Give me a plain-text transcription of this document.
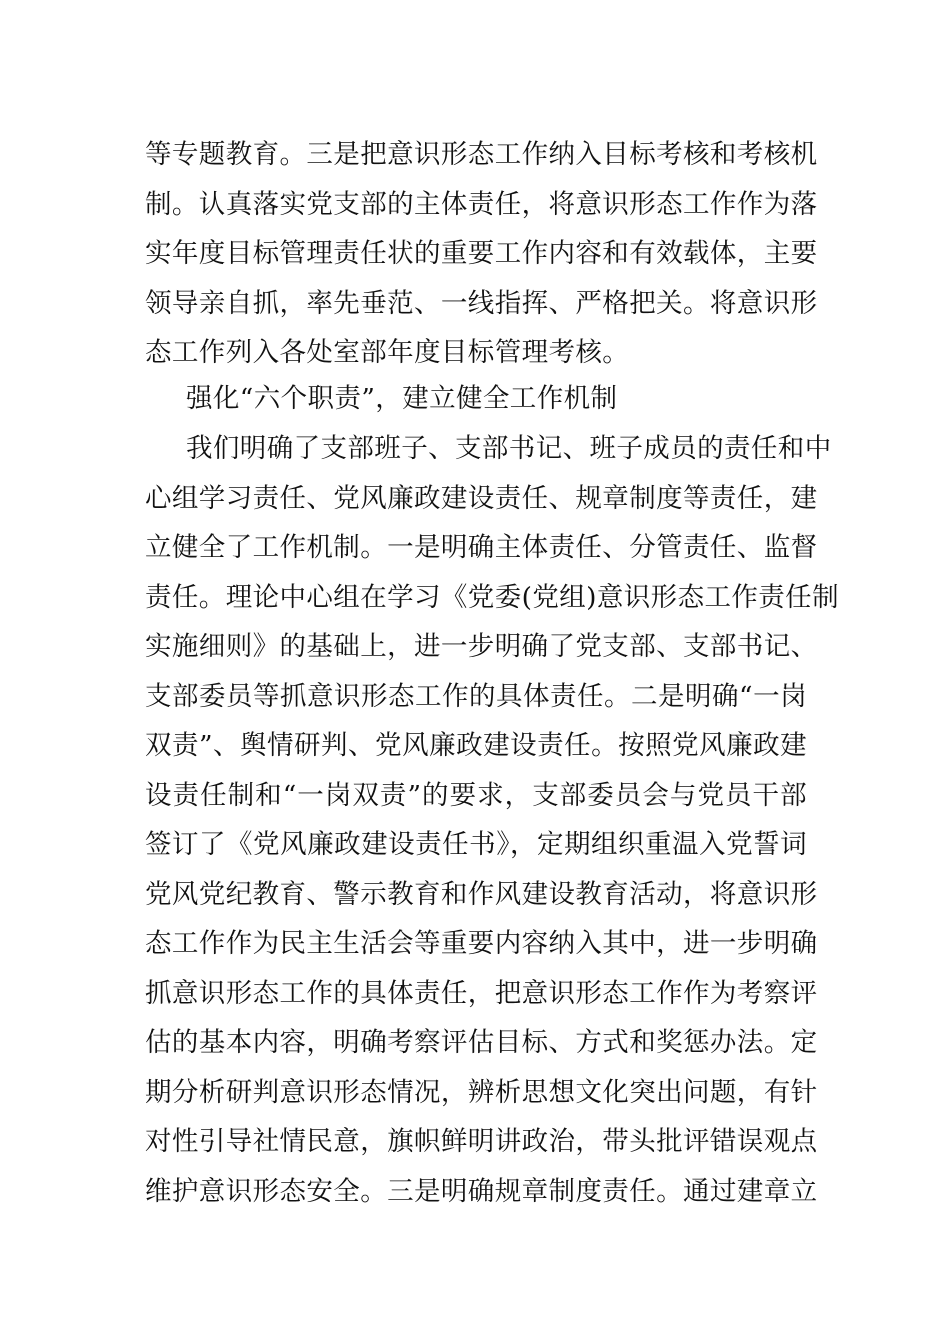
等专题教育。三是把意识形态工作纳入目标考核和考核机
制。认真落实党支部的主体责任，将意识形态工作作为落
实年度目标管理责任状的重要工作内容和有效载体，主要
领导亲自抓，率先垂范、一线指挥、严格把关。将意识形
态工作列入各处室部年度目标管理考核。
强化“六个职责”，建立健全工作机制
我们明确了支部班子、支部书记、班子成员的责任和中
心组学习责任、党风廉政建设责任、规章制度等责任，建
立健全了工作机制。一是明确主体责任、分管责任、监督
责任。理论中心组在学习《党委(党组)意识形态工作责任制
实施细则》的基础上，进一步明确了党支部、支部书记、
支部委员等抓意识形态工作的具体责任。二是明确“一岗
双责”、舆情研判、党风廉政建设责任。按照党风廉政建
设责任制和“一岗双责”的要求，支部委员会与党员干部
签订了《党风廉政建设责任书》，定期组织重温入党誓词
党风党纪教育、警示教育和作风建设教育活动，将意识形
态工作作为民主生活会等重要内容纳入其中，进一步明确
抓意识形态工作的具体责任，把意识形态工作作为考察评
估的基本内容，明确考察评估目标、方式和奖惩办法。定
期分析研判意识形态情况，辨析思想文化突出问题，有针
对性引导社情民意，旗帜鲜明讲政治，带头批评错误观点
维护意识形态安全。三是明确规章制度责任。通过建章立
